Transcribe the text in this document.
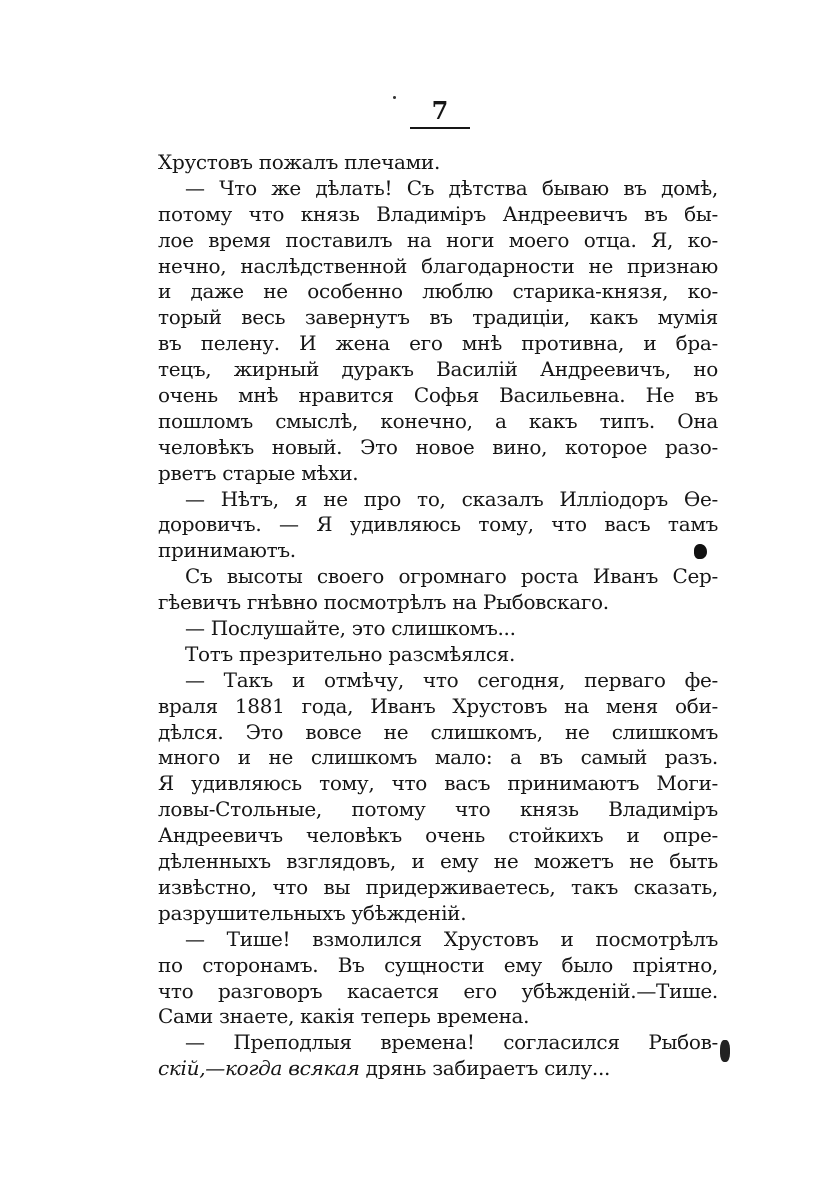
7
Хрустовъ пожалъ плечами.
— Что же дѣлать! Съ дѣтства бываю въ домѣ,
потому что князь Владиміръ Андреевичъ въ бы-
лое время поставилъ на ноги моего отца. Я, ко-
нечно, наслѣдственной благодарности не признаю
и даже не особенно люблю старика-князя, ко-
торый весь завернутъ въ традиціи, какъ мумія
въ пелену. И жена его мнѣ противна, и бра-
тецъ, жирный дуракъ Василій Андреевичъ, но
очень мнѣ нравится Софья Васильевна. Не въ
пошломъ смыслѣ, конечно, а какъ типъ. Она
человѣкъ новый. Это новое вино, которое разо-
рветъ старые мѣхи.
— Нѣтъ, я не про то, сказалъ Илліодоръ Ѳе-
доровичъ. — Я удивляюсь тому, что васъ тамъ
принимаютъ.
Съ высоты своего огромнаго роста Иванъ Сер-
гѣевичъ гнѣвно посмотрѣлъ на Рыбовскаго.
— Послушайте, это слишкомъ...
Тотъ презрительно разсмѣялся.
— Такъ и отмѣчу, что сегодня, перваго фе-
враля 1881 года, Иванъ Хрустовъ на меня оби-
дѣлся. Это вовсе не слишкомъ, не слишкомъ
много и не слишкомъ мало: а въ самый разъ.
Я удивляюсь тому, что васъ принимаютъ Моги-
ловы-Стольные, потому что князь Владиміръ
Андреевичъ человѣкъ очень стойкихъ и опре-
дѣленныхъ взглядовъ, и ему не можетъ не быть
извѣстно, что вы придерживаетесь, такъ сказать,
разрушительныхъ убѣжденій.
— Тише! взмолился Хрустовъ и посмотрѣлъ
по сторонамъ. Въ сущности ему было пріятно,
что разговоръ касается его убѣжденій.—Тише.
Сами знаете, какія теперь времена.
— Преподлыя времена! согласился Рыбов-
скій,—когда всякая дрянь забираетъ силу...
